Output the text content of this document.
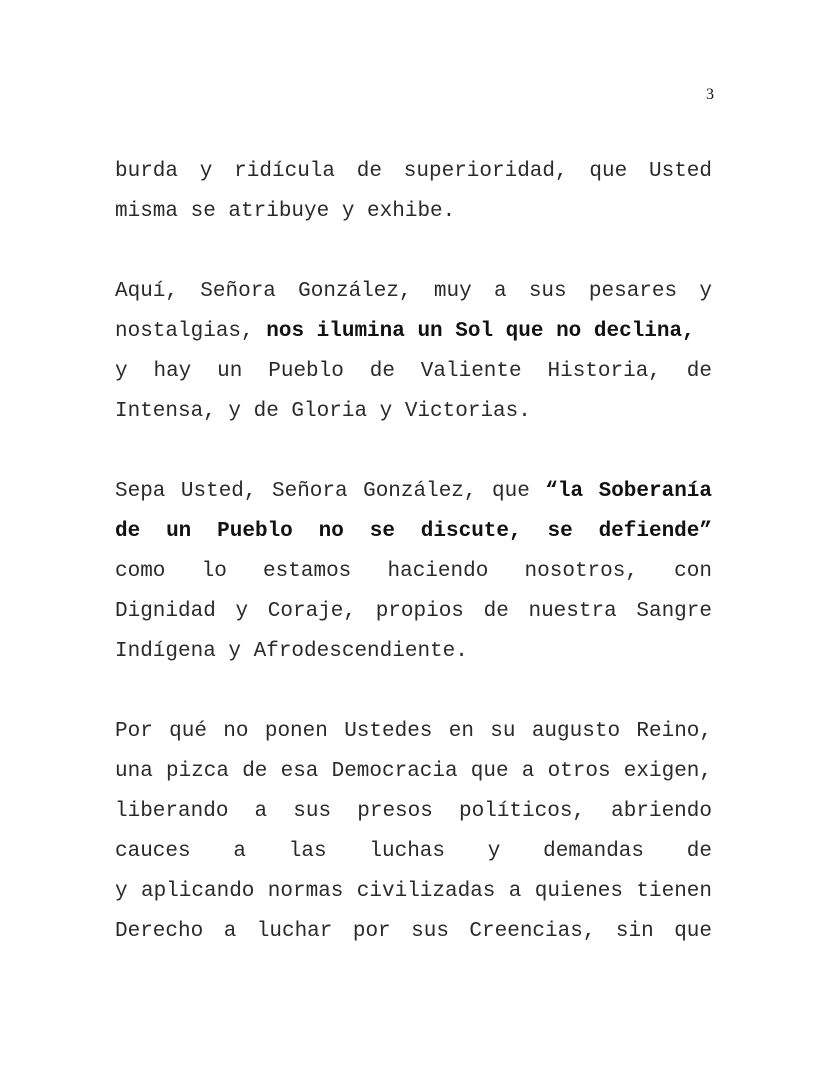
3

burda y ridícula de superioridad, que Usted
misma se atribuye y exhibe.

Aquí, Señora González, muy a sus pesares y
nostalgias, nos ilumina un Sol que no declina,
y hay un Pueblo de Valiente Historia, de
Intensa, y de Gloria y Victorias.

Sepa Usted, Señora González, que “la Soberanía
de un Pueblo no se discute, se defiende”
como lo estamos haciendo nosotros, con
Dignidad y Coraje, propios de nuestra Sangre
Indígena y Afrodescendiente.

Por qué no ponen Ustedes en su augusto Reino,
una pizca de esa Democracia que a otros exigen,
liberando a sus presos políticos, abriendo
cauces a las luchas y demandas de
y aplicando normas civilizadas a quienes tienen
Derecho a luchar por sus Creencias, sin que
